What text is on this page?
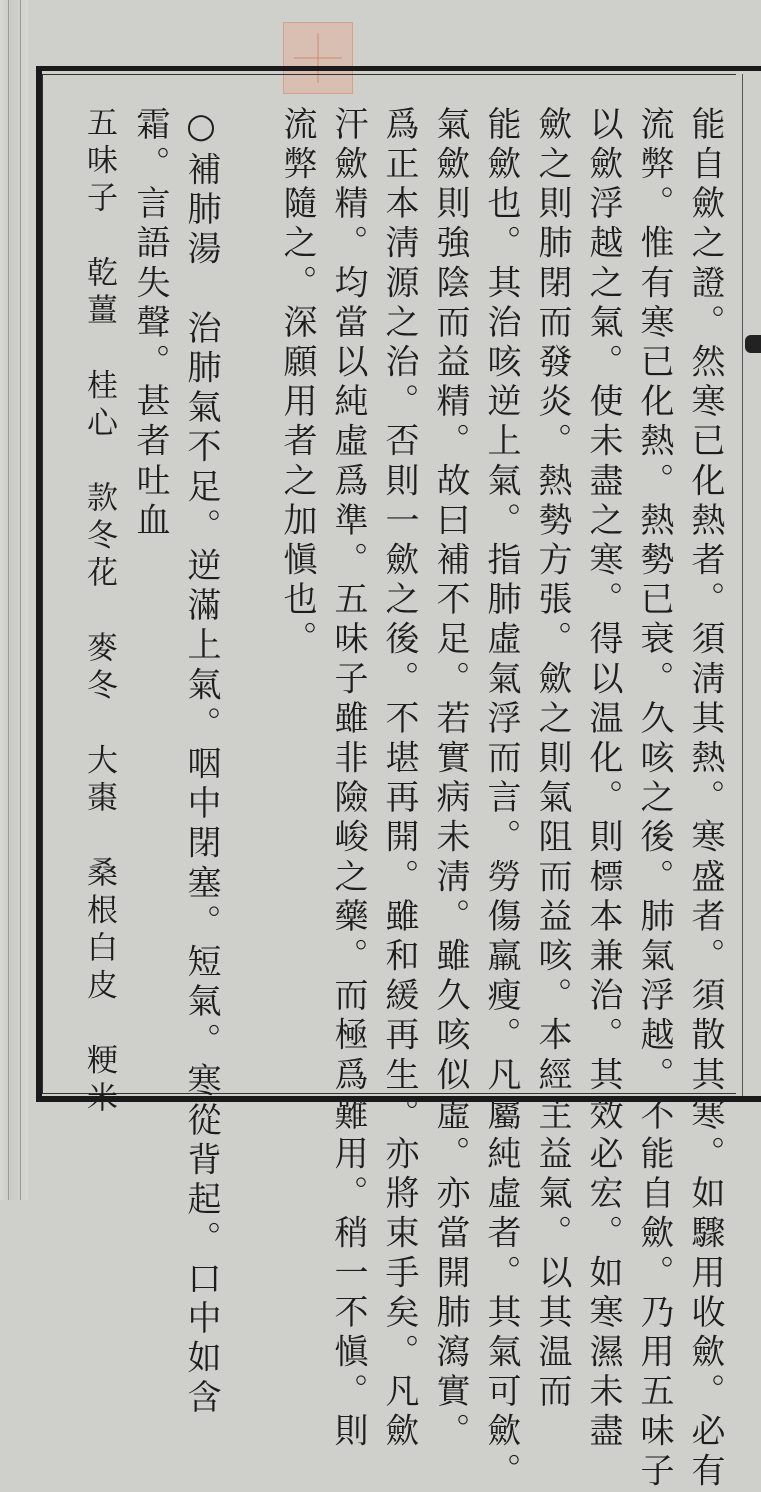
能自歛之證。然寒已化熱者。須淸其熱。寒盛者。須散其寒。如驟用收歛。必有
流弊。惟有寒已化熱。熱勢已衰。久咳之後。肺氣浮越。不能自歛。乃用五味子
以歛浮越之氣。使未盡之寒。得以温化。則標本兼治。其效必宏。如寒濕未盡
歛之則肺閉而發炎。熱勢方張。歛之則氣阻而益咳。本經主益氣。以其温而
能歛也。其治咳逆上氣。指肺虛氣浮而言。勞傷羸瘦。凡屬純虛者。其氣可歛。
氣歛則強陰而益精。故曰補不足。若實病未淸。雖久咳似虛。亦當開肺瀉實。
爲正本淸源之治。否則一歛之後。不堪再開。雖和緩再生。亦將束手矣。凡歛
汗歛精。均當以純虛爲準。五味子雖非險峻之藥。而極爲難用。稍一不愼。則
流弊隨之。深願用者之加愼也。
○補肺湯　治肺氣不足。逆滿上氣。咽中閉塞。短氣。寒從背起。口中如含
霜。言語失聲。甚者吐血
五味子　乾薑　桂心　款冬花　麥冬　大棗　桑根白皮　粳米
